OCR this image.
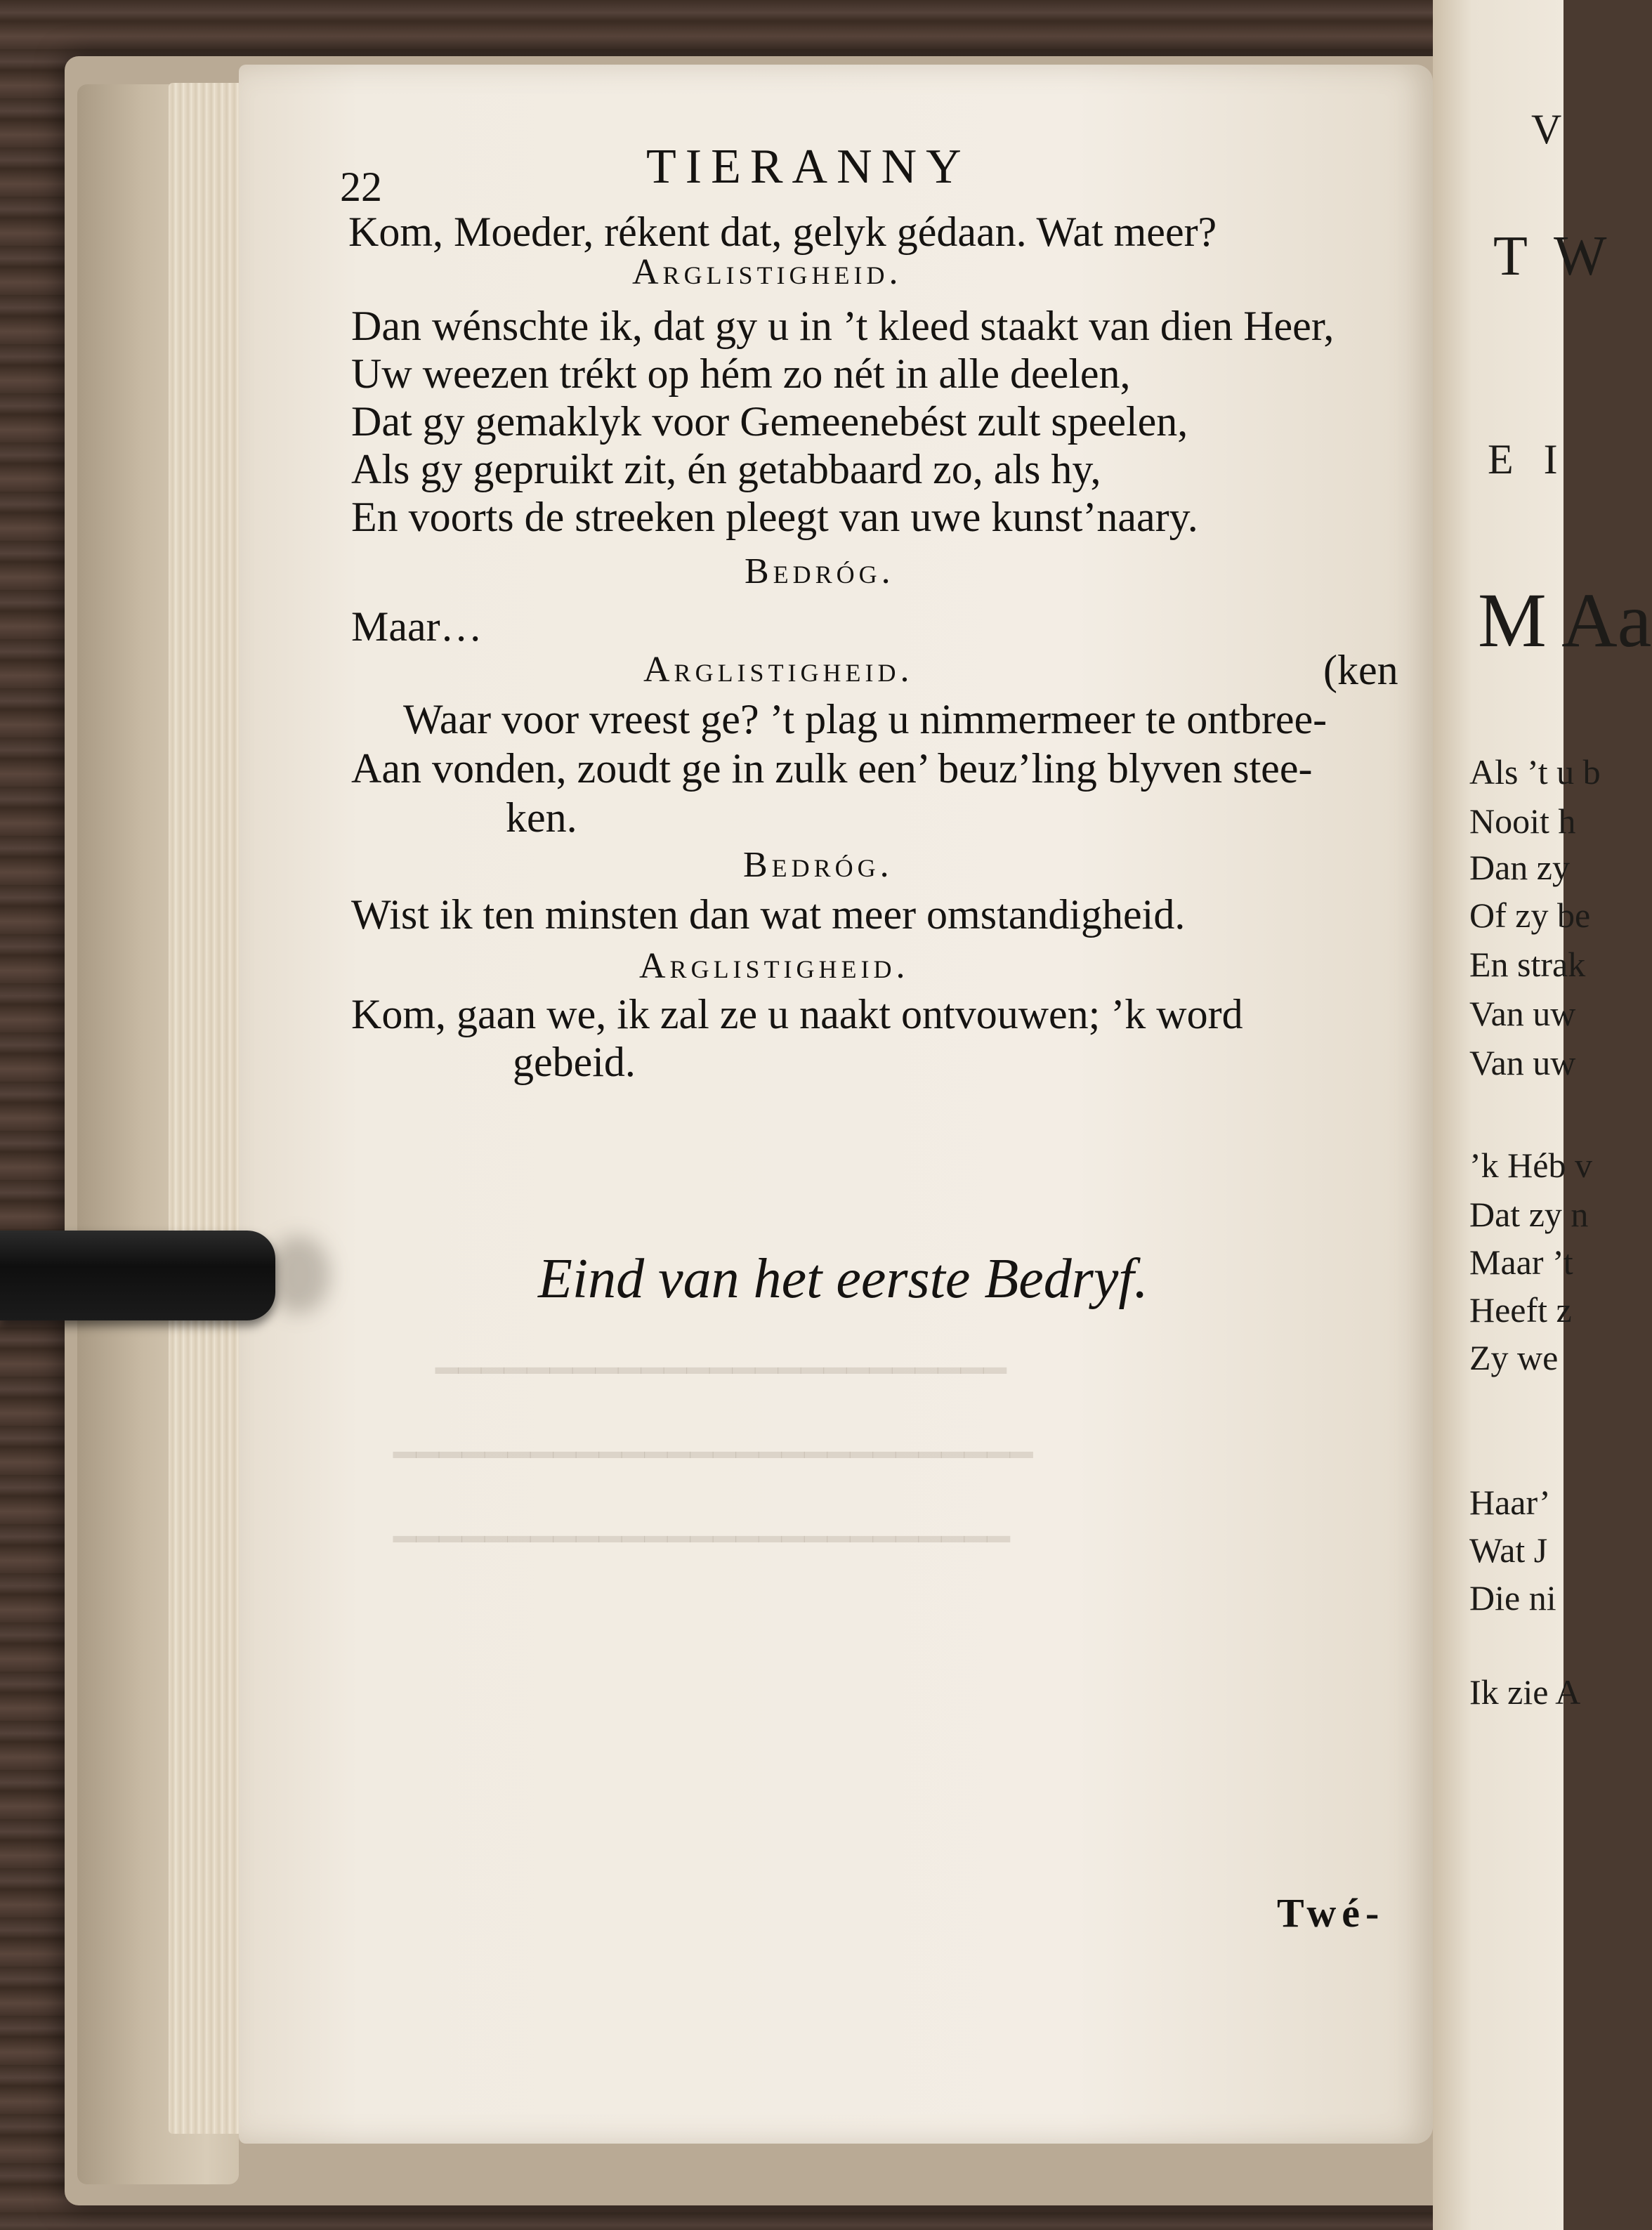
━━━━━━━━━━━━━━━━━━━━━━━━━
━━━━━━━━━━━━━━━━━━━━━━━━━━━━
━━━━━━━━━━━━━━━━━━━━━━━━━━━
22	TIERANNY
Kom, Moeder, rékent dat, gelyk gédaan. Wat meer?
Arglistigheid.
Dan wénschte ik, dat gy u in ’t kleed staakt van dien Heer,
Uw weezen trékt op hém zo nét in alle deelen,
Dat gy gemaklyk voor Gemeenebést zult speelen,
Als gy gepruikt zit, én getabbaard zo, als hy,
En voorts de streeken pleegt van uwe kunst’naary.
Bedróg.
Maar…
Arglistigheid.	(ken
Waar voor vreest ge? ’t plag u nimmermeer te ontbree-
Aan vonden, zoudt ge in zulk een’ beuz’ling blyven stee-
ken.
Bedróg.
Wist ik ten minsten dan wat meer omstandigheid.
Arglistigheid.
Kom, gaan we, ik zal ze u naakt ontvouwen; ’k word
gebeid.
Eind van het eerste Bedryf.
Twé-
V
T W
E I
M Aa
Als ’t u b
Nooit h
Dan zy
Of zy be
En strak
Van uw
Van uw
’k Héb v
Dat zy n
Maar ’t
Heeft z
Zy we
Haar’
Wat J
Die ni
Ik zie A
